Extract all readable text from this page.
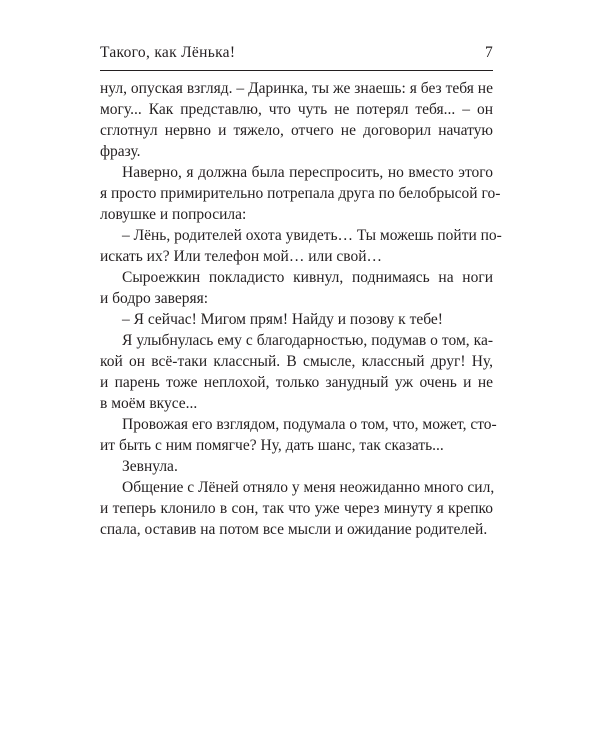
Такого, как Лёнька!	7
нул, опуская взгляд. – Даринка, ты же знаешь: я без тебя не
могу... Как представлю, что чуть не потерял тебя... – он
сглотнул нервно и тяжело, отчего не договорил начатую
фразу.
Наверно, я должна была переспросить, но вместо этого
я просто примирительно потрепала друга по белобрысой го-
ловушке и попросила:
– Лёнь, родителей охота увидеть… Ты можешь пойти по-
искать их? Или телефон мой… или свой…
Сыроежкин покладисто кивнул, поднимаясь на ноги
и бодро заверяя:
– Я сейчас! Мигом прям! Найду и позову к тебе!
Я улыбнулась ему с благодарностью, подумав о том, ка-
кой он всё-таки классный. В смысле, классный друг! Ну,
и парень тоже неплохой, только занудный уж очень и не
в моём вкусе...
Провожая его взглядом, подумала о том, что, может, сто-
ит быть с ним помягче? Ну, дать шанс, так сказать...
Зевнула.
Общение с Лёней отняло у меня неожиданно много сил,
и теперь клонило в сон, так что уже через минуту я крепко
спала, оставив на потом все мысли и ожидание родителей.
